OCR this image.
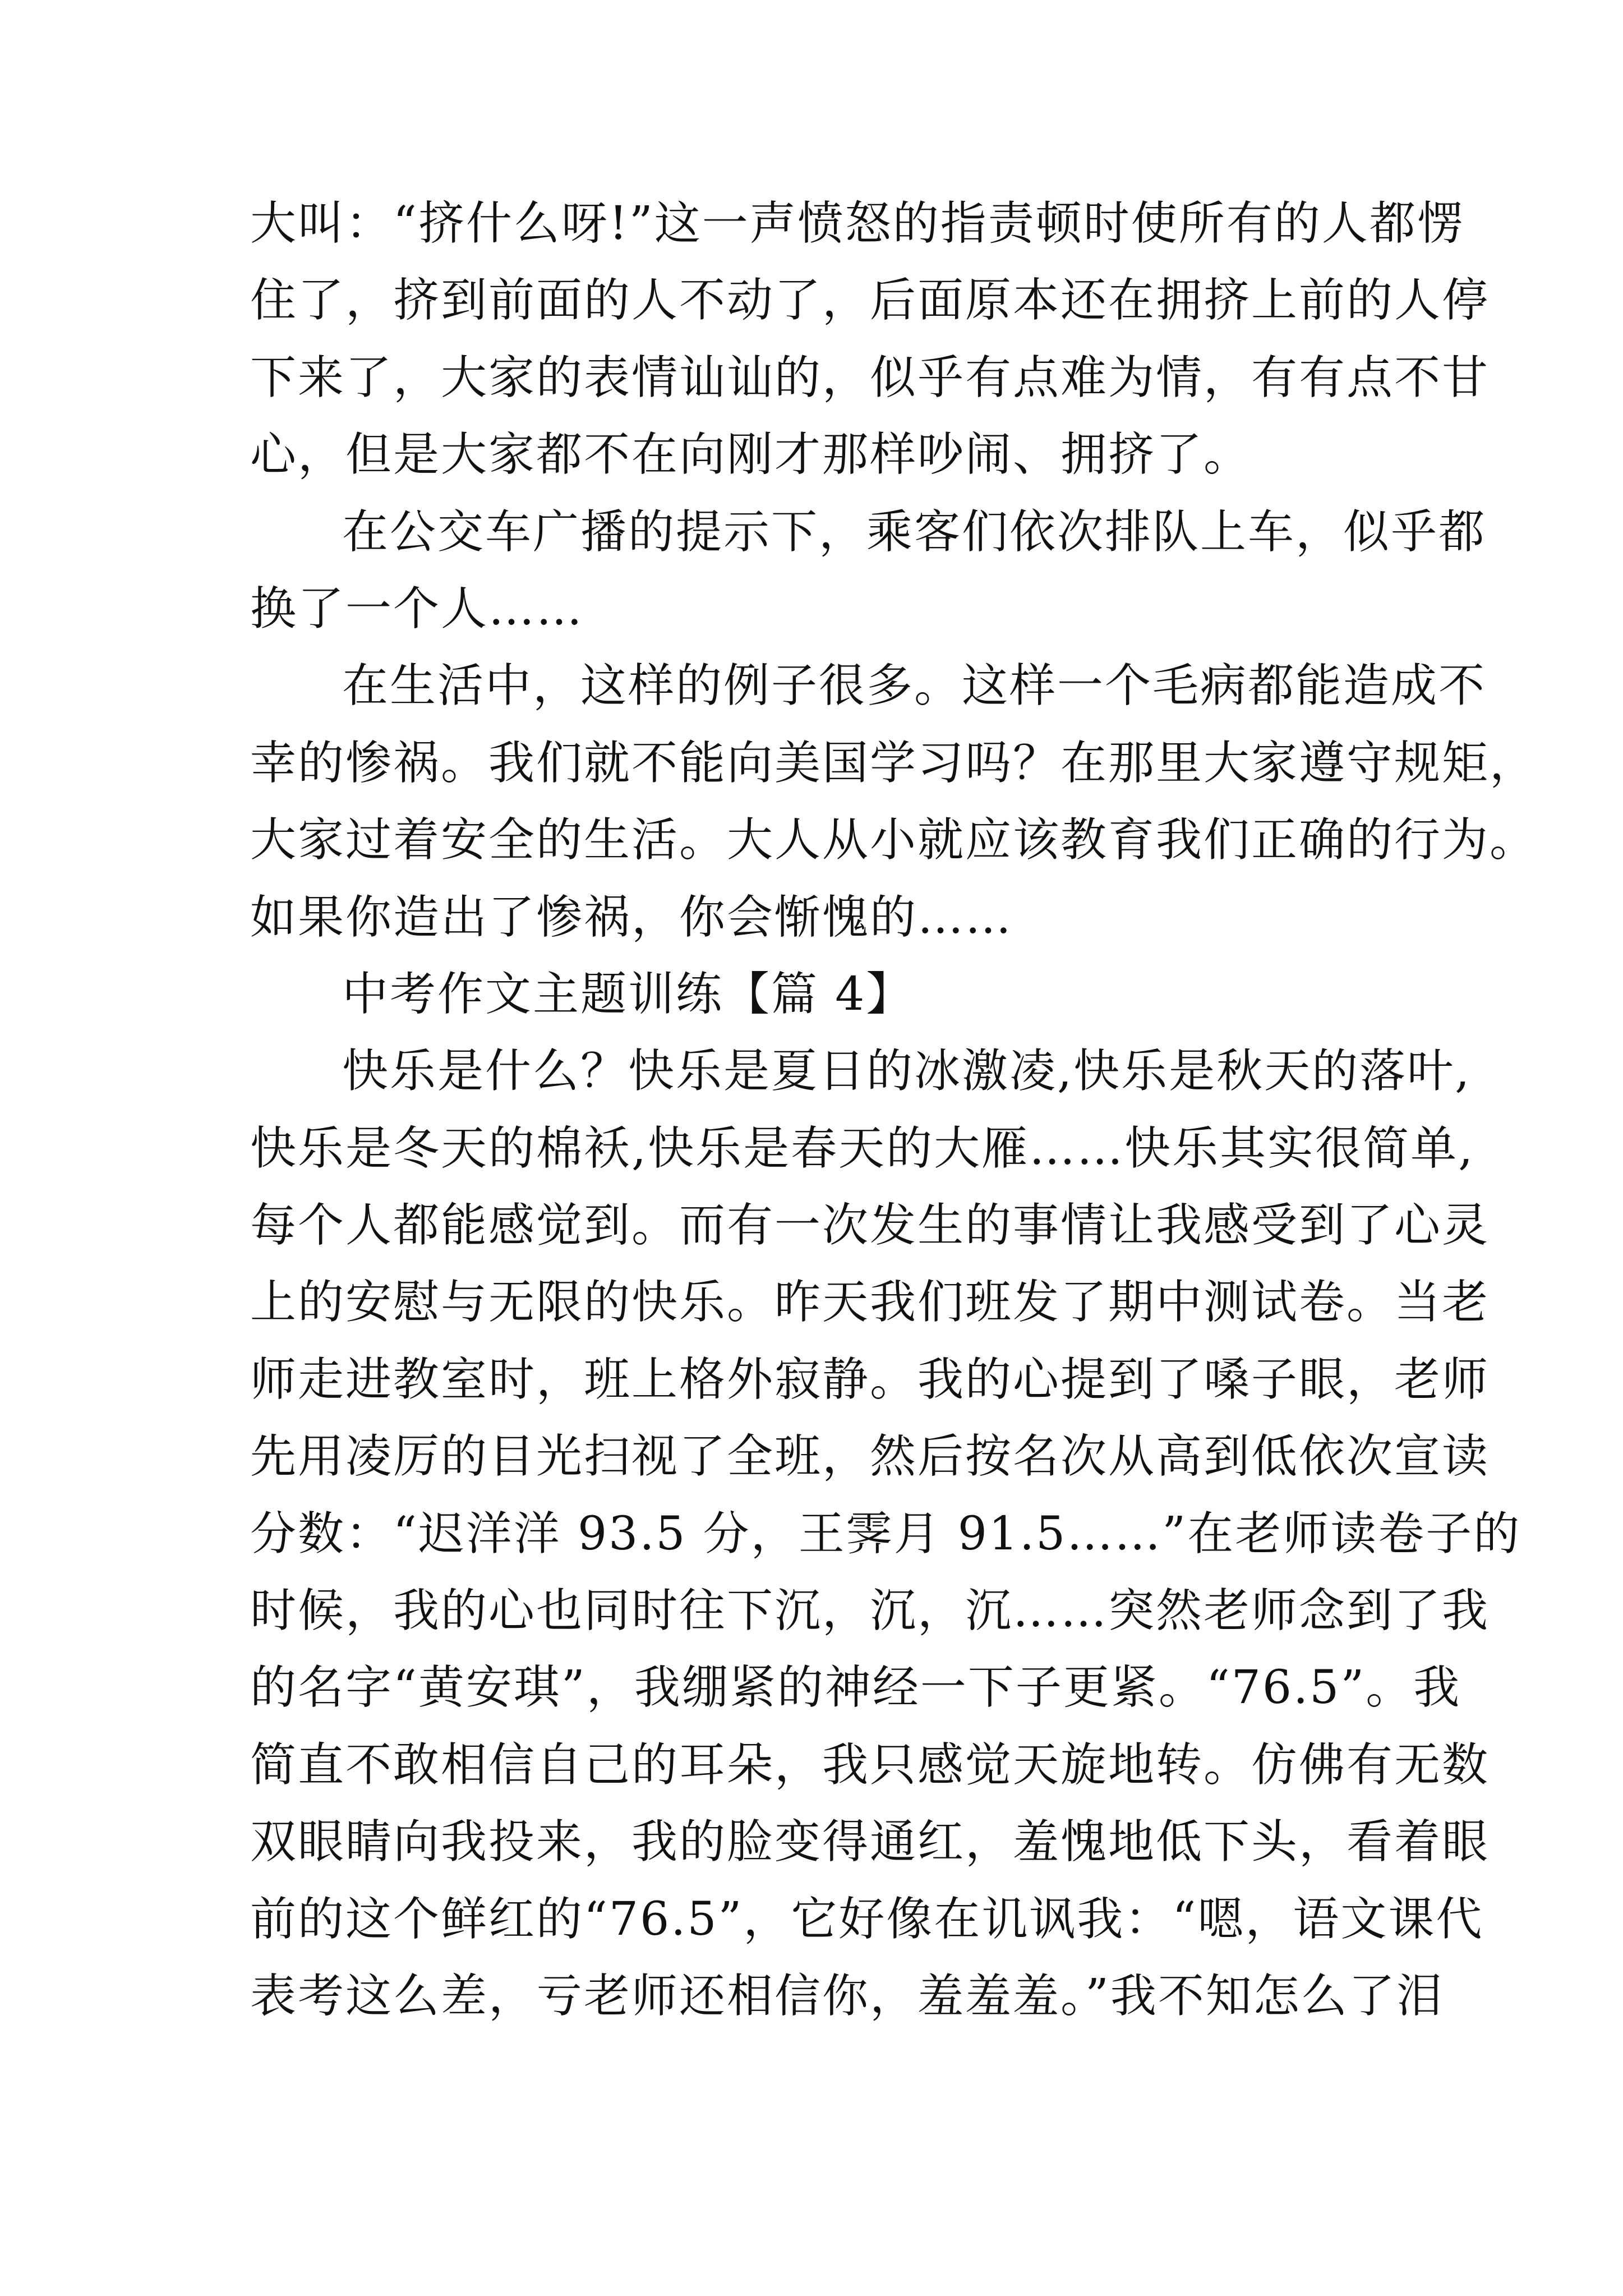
大叫：“挤什么呀!”这一声愤怒的指责顿时使所有的人都愣
住了，挤到前面的人不动了，后面原本还在拥挤上前的人停
下来了，大家的表情讪讪的，似乎有点难为情，有有点不甘
心，但是大家都不在向刚才那样吵闹、拥挤了。
在公交车广播的提示下，乘客们依次排队上车，似乎都
换了一个人……
在生活中，这样的例子很多。这样一个毛病都能造成不
幸的惨祸。我们就不能向美国学习吗？在那里大家遵守规矩，
大家过着安全的生活。大人从小就应该教育我们正确的行为。
如果你造出了惨祸，你会惭愧的……
中考作文主题训练【篇 4】
快乐是什么？快乐是夏日的冰激凌,快乐是秋天的落叶,
快乐是冬天的棉袄,快乐是春天的大雁……快乐其实很简单,
每个人都能感觉到。而有一次发生的事情让我感受到了心灵
上的安慰与无限的快乐。昨天我们班发了期中测试卷。当老
师走进教室时，班上格外寂静。我的心提到了嗓子眼，老师
先用凌厉的目光扫视了全班，然后按名次从高到低依次宣读
分数：“迟洋洋 93.5 分，王霁月 91.5……”在老师读卷子的
时候，我的心也同时往下沉，沉，沉……突然老师念到了我
的名字“黄安琪”，我绷紧的神经一下子更紧。“76.5”。我
简直不敢相信自己的耳朵，我只感觉天旋地转。仿佛有无数
双眼睛向我投来，我的脸变得通红，羞愧地低下头，看着眼
前的这个鲜红的“76.5”，它好像在讥讽我：“嗯，语文课代
表考这么差，亏老师还相信你，羞羞羞。”我不知怎么了泪
